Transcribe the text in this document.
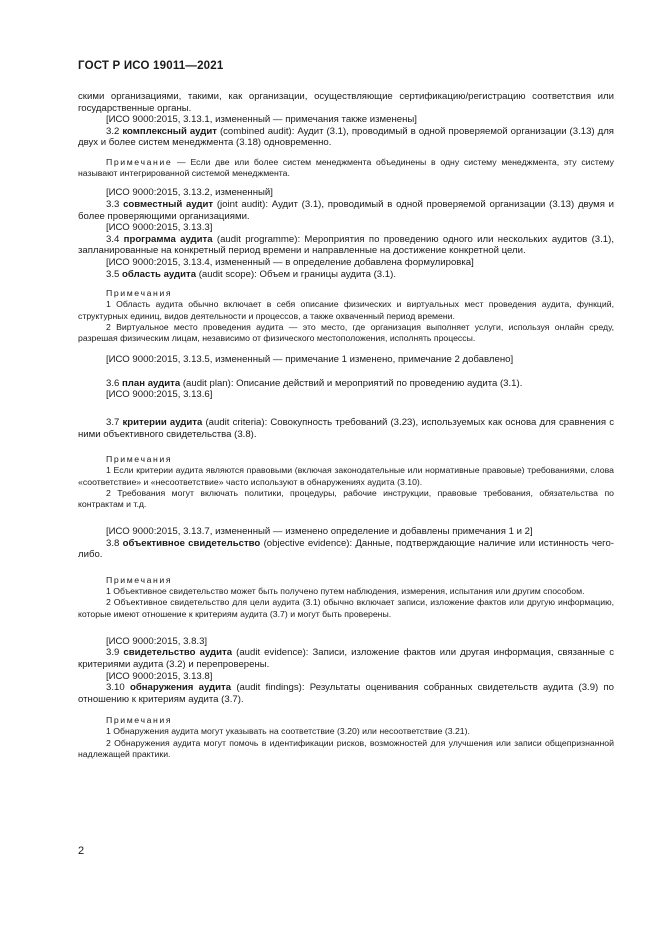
ГОСТ Р ИСО 19011—2021

скими организациями, такими, как организации, осуществляющие сертификацию/регистрацию соответствия или государственные органы.

[ИСО 9000:2015, 3.13.1, измененный — примечания также изменены]

3.2 комплексный аудит (combined audit): Аудит (3.1), проводимый в одной проверяемой организации (3.13) для двух и более систем менеджмента (3.18) одновременно.

Примечание — Если две или более систем менеджмента объединены в одну систему менеджмента, эту систему называют интегрированной системой менеджмента.

[ИСО 9000:2015, 3.13.2, измененный]

3.3 совместный аудит (joint audit): Аудит (3.1), проводимый в одной проверяемой организации (3.13) двумя и более проверяющими организациями.

[ИСО 9000:2015, 3.13.3]

3.4 программа аудита (audit programme): Мероприятия по проведению одного или нескольких аудитов (3.1), запланированные на конкретный период времени и направленные на достижение конкретной цели.

[ИСО 9000:2015, 3.13.4, измененный — в определение добавлена формулировка]

3.5 область аудита (audit scope): Объем и границы аудита (3.1).

Примечания

1 Область аудита обычно включает в себя описание физических и виртуальных мест проведения аудита, функций, структурных единиц, видов деятельности и процессов, а также охваченный период времени.

2 Виртуальное место проведения аудита — это место, где организация выполняет услуги, используя онлайн среду, разрешая физическим лицам, независимо от физического местоположения, исполнять процессы.

[ИСО 9000:2015, 3.13.5, измененный — примечание 1 изменено, примечание 2 добавлено]

3.6 план аудита (audit plan): Описание действий и мероприятий по проведению аудита (3.1).

[ИСО 9000:2015, 3.13.6]

3.7 критерии аудита (audit criteria): Совокупность требований (3.23), используемых как основа для сравнения с ними объективного свидетельства (3.8).

Примечания

1 Если критерии аудита являются правовыми (включая законодательные или нормативные правовые) требованиями, слова «соответствие» и «несоответствие» часто используют в обнаружениях аудита (3.10).

2 Требования могут включать политики, процедуры, рабочие инструкции, правовые требования, обязательства по контрактам и т.д.

[ИСО 9000:2015, 3.13.7, измененный — изменено определение и добавлены примечания 1 и 2]

3.8 объективное свидетельство (objective evidence): Данные, подтверждающие наличие или истинность чего-либо.

Примечания

1 Объективное свидетельство может быть получено путем наблюдения, измерения, испытания или другим способом.

2 Объективное свидетельство для цели аудита (3.1) обычно включает записи, изложение фактов или другую информацию, которые имеют отношение к критериям аудита (3.7) и могут быть проверены.

[ИСО 9000:2015, 3.8.3]

3.9 свидетельство аудита (audit evidence): Записи, изложение фактов или другая информация, связанные с критериями аудита (3.2) и перепроверены.

[ИСО 9000:2015, 3.13.8]

3.10 обнаружения аудита (audit findings): Результаты оценивания собранных свидетельств аудита (3.9) по отношению к критериям аудита (3.7).

Примечания

1 Обнаружения аудита могут указывать на соответствие (3.20) или несоответствие (3.21).

2 Обнаружения аудита могут помочь в идентификации рисков, возможностей для улучшения или записи общепризнанной надлежащей практики.

2
